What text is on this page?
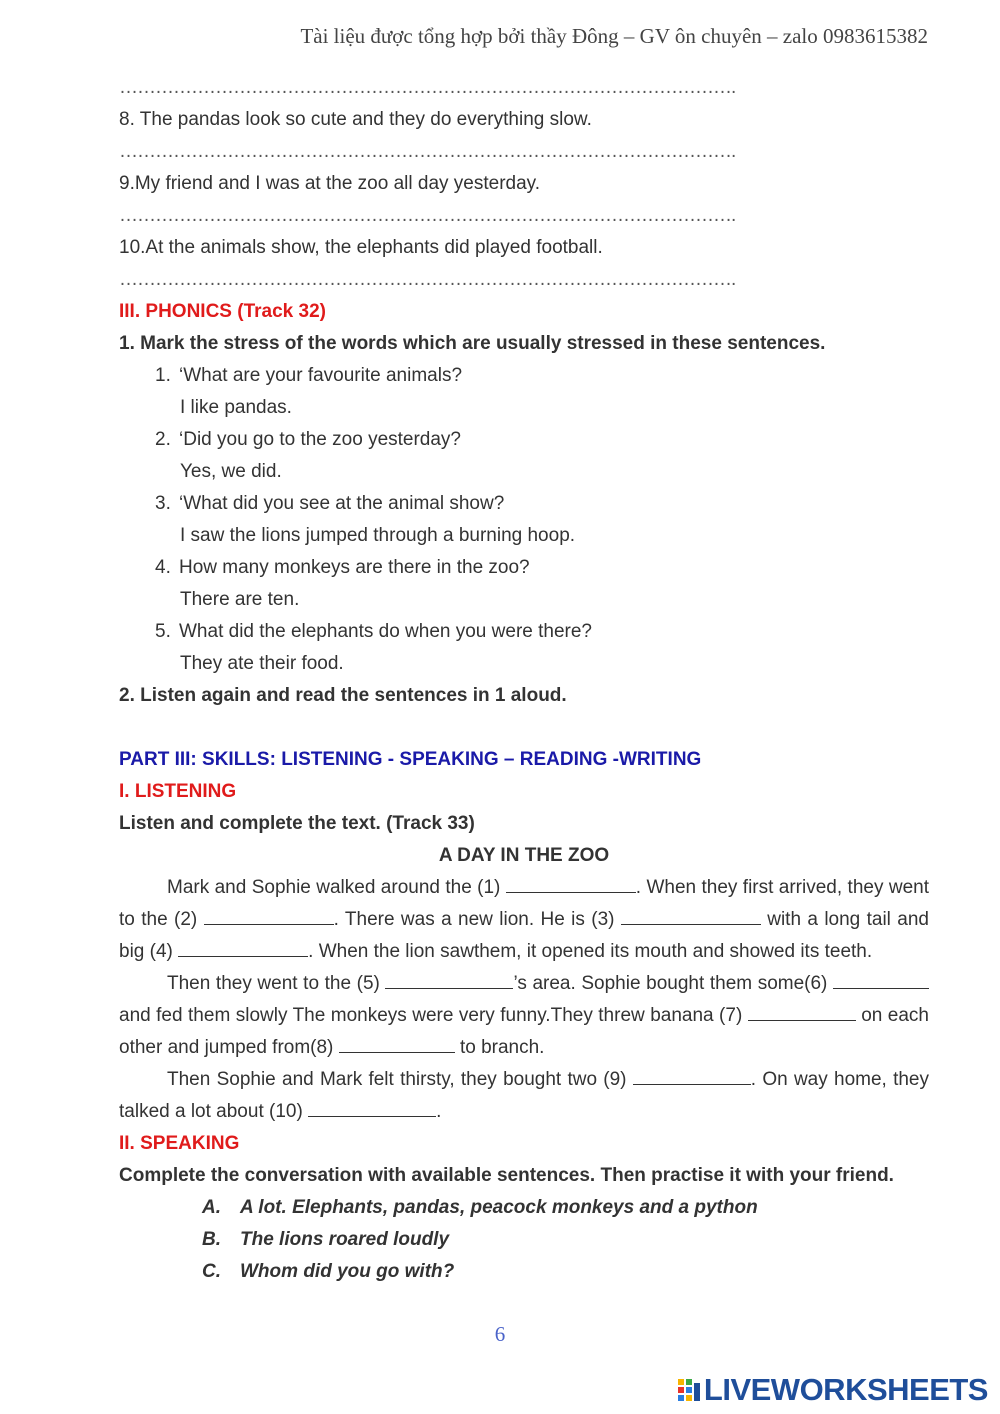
Tài liệu được tổng hợp bởi thầy Đông – GV ôn chuyên – zalo 0983615382
………………………………………………………………………………………….
8. The pandas look so cute and they do everything slow.
………………………………………………………………………………………….
9.My friend and I was at the zoo all day yesterday.
………………………………………………………………………………………….
10.At the animals show, the elephants did played football.
………………………………………………………………………………………….
III. PHONICS (Track 32)
1. Mark the stress of the words which are usually stressed in these sentences.
1. ‘What are your favourite animals?
I like pandas.
2. ‘Did you go to the zoo yesterday?
Yes, we did.
3. ‘What did you see at the animal show?
I saw the lions jumped through a burning hoop.
4. How many monkeys are there in the zoo?
There are ten.
5. What did the elephants do when you were there?
They ate their food.
2. Listen again and read the sentences in 1 aloud.
PART III: SKILLS: LISTENING - SPEAKING – READING -WRITING
I. LISTENING
Listen and complete the text. (Track 33)
A DAY IN THE ZOO

Mark and Sophie walked around the (1)	. When they first arrived, they went to the (2)	. There was a new lion. He is (3)	with a long tail and big (4)	. When the lion sawthem, it opened its mouth and showed its teeth.

Then they went to the (5)	’s area. Sophie bought them some(6)  and fed them slowly The monkeys were very funny.They threw banana (7)	on each other and jumped from(8)	to branch.

Then Sophie and Mark felt thirsty, they bought two (9)	. On way home, they talked a lot about (10)	.

II. SPEAKING
Complete the conversation with available sentences. Then practise it with your friend.
A. A lot. Elephants, pandas, peacock monkeys and a python
B. The lions roared loudly
C. Whom did you go with?
6
LIVEWORKSHEETS
